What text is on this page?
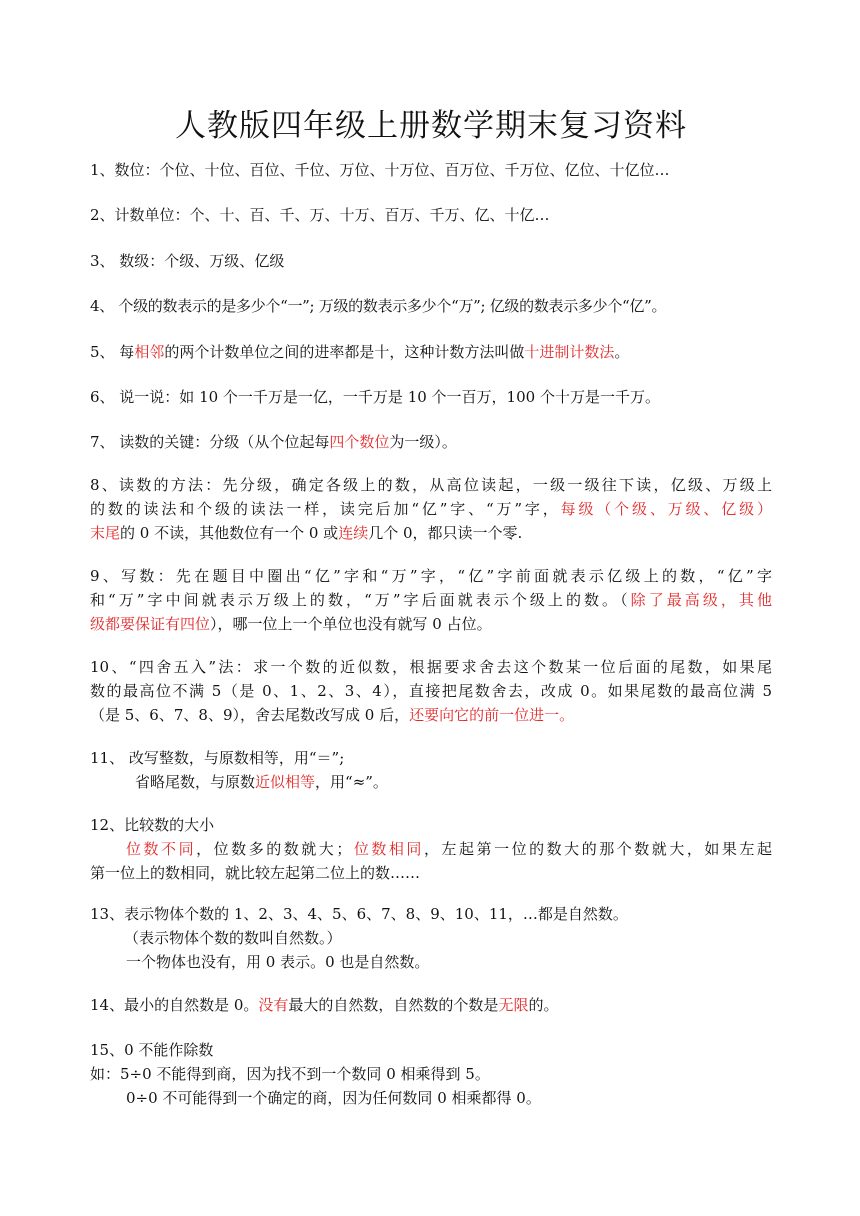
人教版四年级上册数学期末复习资料
1、数位：个位、十位、百位、千位、万位、十万位、百万位、千万位、亿位、十亿位…
2、计数单位：个、十、百、千、万、十万、百万、千万、亿、十亿…
3、 数级：个级、万级、亿级
4、 个级的数表示的是多少个“一”; 万级的数表示多少个“万”; 亿级的数表示多少个“亿”。
5、 每相邻的两个计数单位之间的进率都是十，这种计数方法叫做十进制计数法。
6、 说一说：如 10 个一千万是一亿，一千万是 10 个一百万，100 个十万是一千万。
7、 读数的关键：分级（从个位起每四个数位为一级）。
8、读数的方法：先分级，确定各级上的数，从高位读起，一级一级往下读，亿级、万级上
的数的读法和个级的读法一样，读完后加“亿”字、“万”字，每级（个级、万级、亿级）
末尾的 0 不读，其他数位有一个 0 或连续几个 0，都只读一个零.
9、写数：先在题目中圈出“亿”字和“万”字，“亿”字前面就表示亿级上的数，“亿”字
和“万”字中间就表示万级上的数，“万”字后面就表示个级上的数。（除了最高级，其他
级都要保证有四位），哪一位上一个单位也没有就写 0 占位。
10、“四舍五入”法：求一个数的近似数，根据要求舍去这个数某一位后面的尾数，如果尾
数的最高位不满 5（是 0、1、2、3、4），直接把尾数舍去，改成 0。如果尾数的最高位满 5
（是 5、6、7、8、9），舍去尾数改写成 0 后，还要向它的前一位进一。
11、 改写整数，与原数相等，用“＝”;
省略尾数，与原数近似相等，用“≈”。
12、比较数的大小
位数不同，位数多的数就大；位数相同，左起第一位的数大的那个数就大，如果左起
第一位上的数相同，就比较左起第二位上的数……
13、表示物体个数的 1、2、3、4、5、6、7、8、9、10、11，…都是自然数。
（表示物体个数的数叫自然数。）
一个物体也没有，用 0 表示。0 也是自然数。
14、最小的自然数是 0。没有最大的自然数，自然数的个数是无限的。
15、0 不能作除数
如：5÷0 不能得到商，因为找不到一个数同 0 相乘得到 5。
0÷0 不可能得到一个确定的商，因为任何数同 0 相乘都得 0。
